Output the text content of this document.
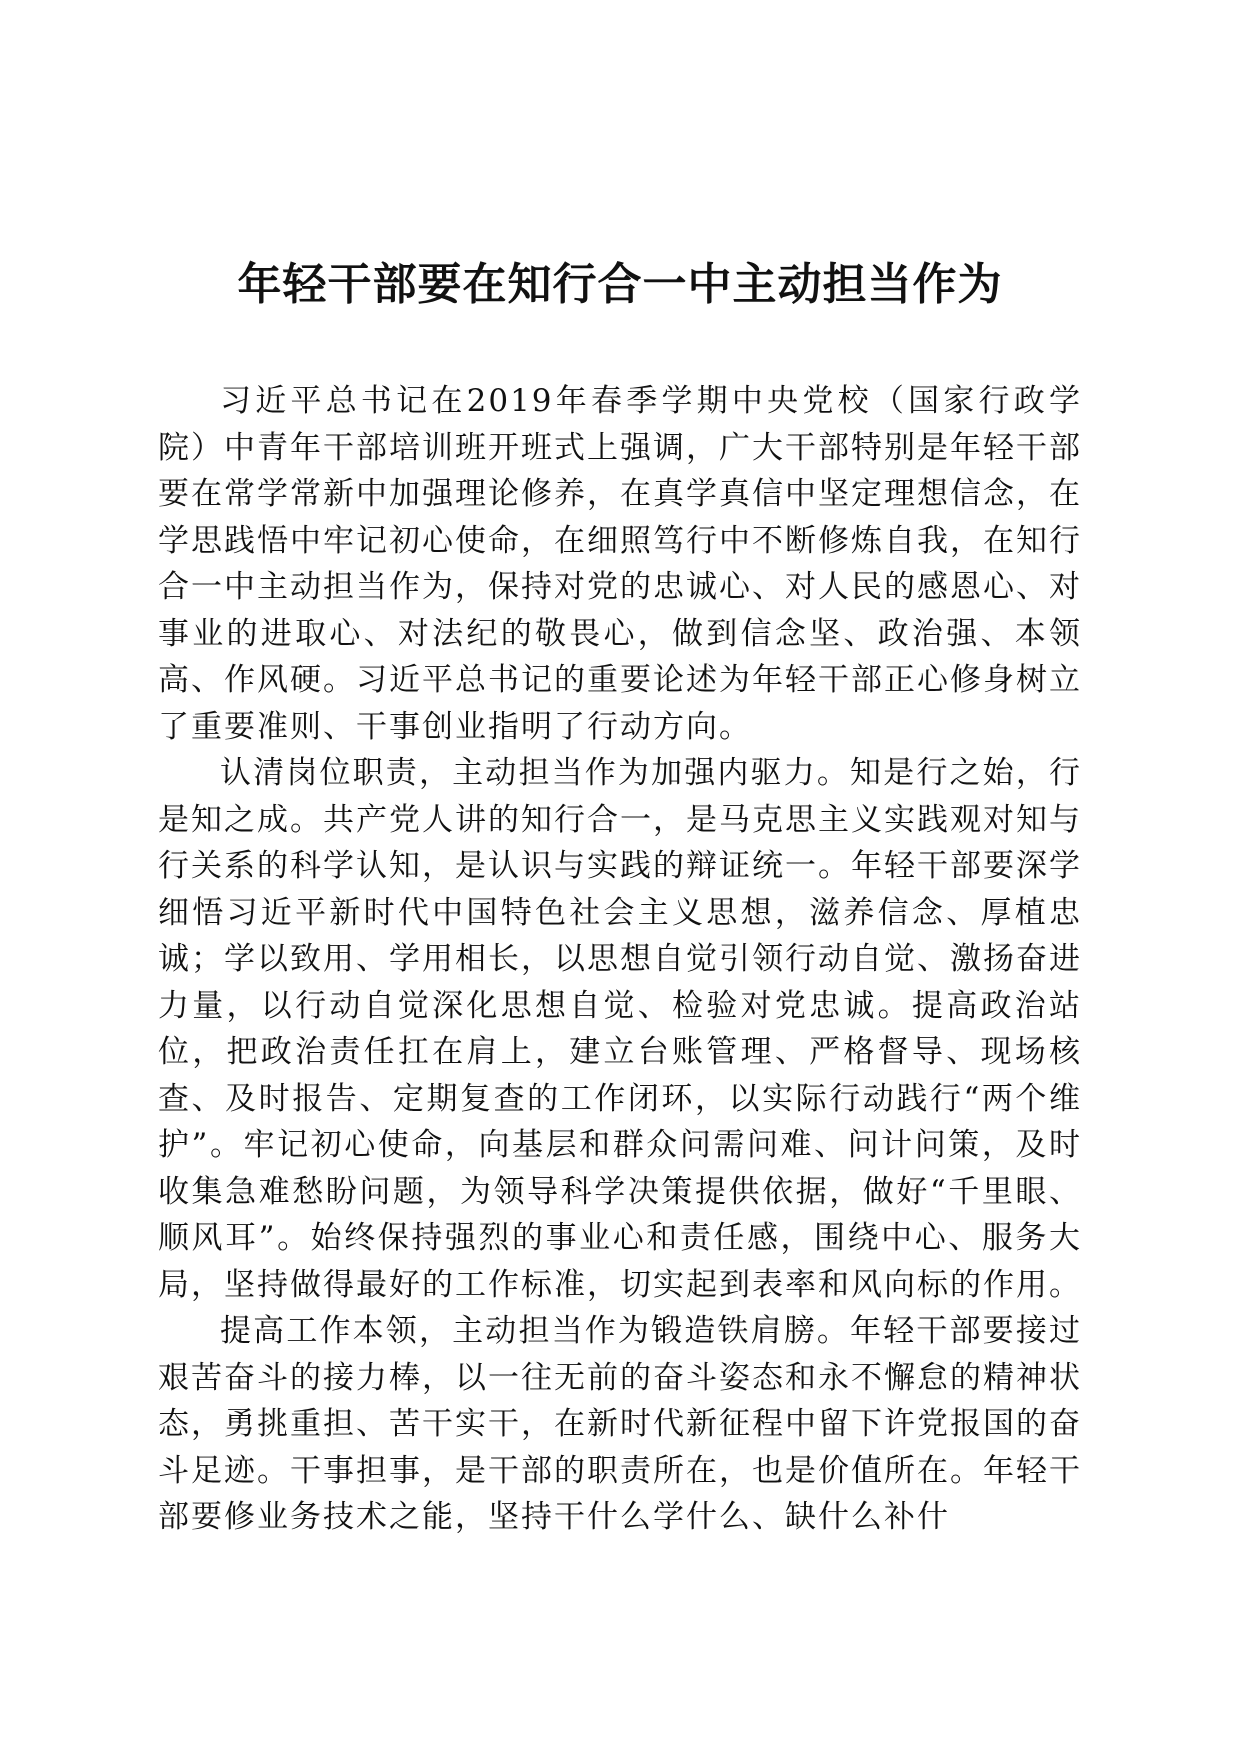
年轻干部要在知行合一中主动担当作为

习近平总书记在2019年春季学期中央党校（国家行政学院）中青年干部培训班开班式上强调，广大干部特别是年轻干部要在常学常新中加强理论修养，在真学真信中坚定理想信念，在学思践悟中牢记初心使命，在细照笃行中不断修炼自我，在知行合一中主动担当作为，保持对党的忠诚心、对人民的感恩心、对事业的进取心、对法纪的敬畏心，做到信念坚、政治强、本领高、作风硬。习近平总书记的重要论述为年轻干部正心修身树立了重要准则、干事创业指明了行动方向。

认清岗位职责，主动担当作为加强内驱力。知是行之始，行是知之成。共产党人讲的知行合一，是马克思主义实践观对知与行关系的科学认知，是认识与实践的辩证统一。年轻干部要深学细悟习近平新时代中国特色社会主义思想，滋养信念、厚植忠诚；学以致用、学用相长，以思想自觉引领行动自觉、激扬奋进力量，以行动自觉深化思想自觉、检验对党忠诚。提高政治站位，把政治责任扛在肩上，建立台账管理、严格督导、现场核查、及时报告、定期复查的工作闭环，以实际行动践行“两个维护”。牢记初心使命，向基层和群众问需问难、问计问策，及时收集急难愁盼问题，为领导科学决策提供依据，做好“千里眼、顺风耳”。始终保持强烈的事业心和责任感，围绕中心、服务大局，坚持做得最好的工作标准，切实起到表率和风向标的作用。

提高工作本领，主动担当作为锻造铁肩膀。年轻干部要接过艰苦奋斗的接力棒，以一往无前的奋斗姿态和永不懈怠的精神状态，勇挑重担、苦干实干，在新时代新征程中留下许党报国的奋斗足迹。干事担事，是干部的职责所在，也是价值所在。年轻干部要修业务技术之能，坚持干什么学什么、缺什么补什
